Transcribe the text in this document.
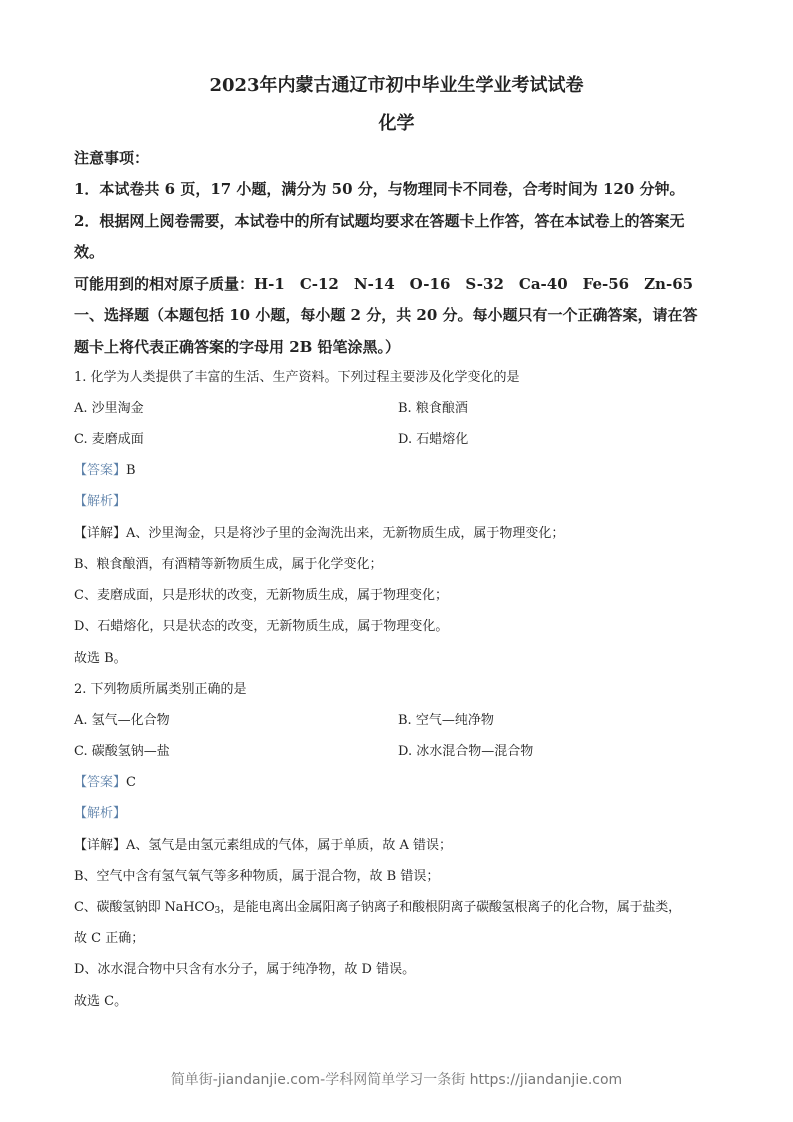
2023年内蒙古通辽市初中毕业生学业考试试卷
化学
注意事项：
1．本试卷共 6 页，17 小题，满分为 50 分，与物理同卡不同卷，合考时间为 120 分钟。
2．根据网上阅卷需要，本试卷中的所有试题均要求在答题卡上作答，答在本试卷上的答案无
效。
可能用到的相对原子质量：H-1　C-12　N-14　O-16　S-32　Ca-40　Fe-56　Zn-65
一、选择题（本题包括 10 小题，每小题 2 分，共 20 分。每小题只有一个正确答案，请在答
题卡上将代表正确答案的字母用 2B 铅笔涂黑。）
1. 化学为人类提供了丰富的生活、生产资料。下列过程主要涉及化学变化的是
A. 沙里淘金	B. 粮食酿酒
C. 麦磨成面	D. 石蜡熔化
【答案】B
【解析】
【详解】A、沙里淘金，只是将沙子里的金淘洗出来，无新物质生成，属于物理变化；
B、粮食酿酒，有酒精等新物质生成，属于化学变化；
C、麦磨成面，只是形状的改变，无新物质生成，属于物理变化；
D、石蜡熔化，只是状态的改变，无新物质生成，属于物理变化。
故选 B。
2. 下列物质所属类别正确的是
A. 氢气—化合物	B. 空气—纯净物
C. 碳酸氢钠—盐	D. 冰水混合物—混合物
【答案】C
【解析】
【详解】A、氢气是由氢元素组成的气体，属于单质，故 A 错误；
B、空气中含有氢气氧气等多种物质，属于混合物，故 B 错误；
C、碳酸氢钠即 NaHCO$_3$，是能电离出金属阳离子钠离子和酸根阴离子碳酸氢根离子的化合物，属于盐类，
故 C 正确；
D、冰水混合物中只含有水分子，属于纯净物，故 D 错误。
故选 C。
简单街-jiandanjie.com-学科网简单学习一条街 https://jiandanjie.com
